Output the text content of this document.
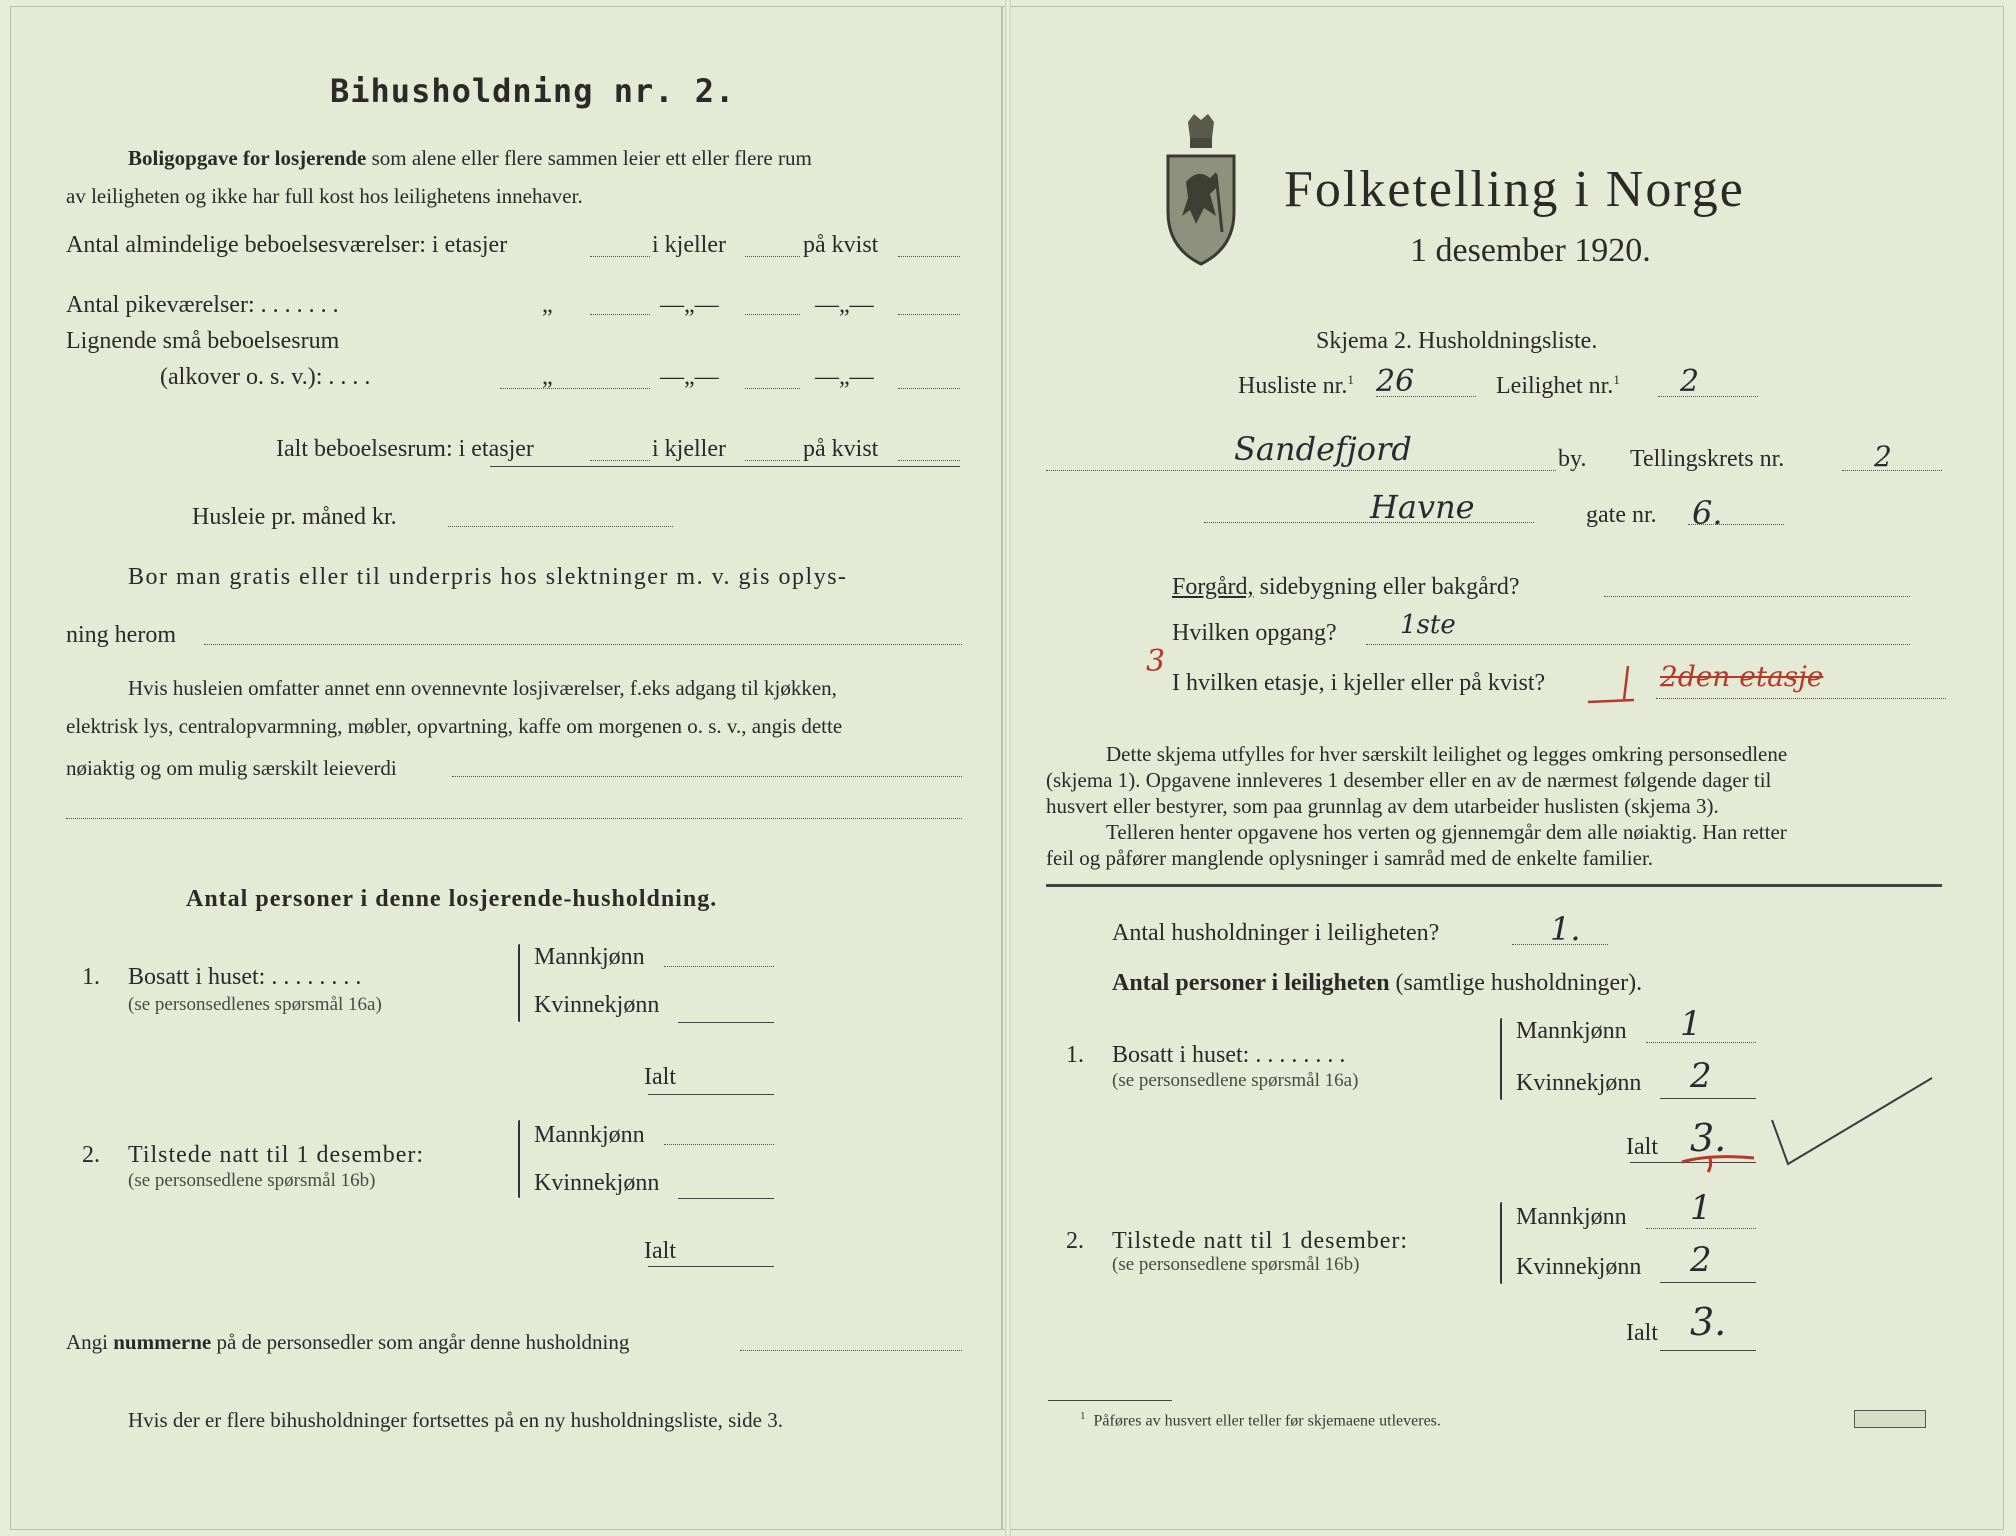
Bihusholdning nr. 2.
Boligopgave for losjerende som alene eller flere sammen leier ett eller flere rum
av leiligheten og ikke har full kost hos leilighetens innehaver.
Antal almindelige beboelsesværelser: i etasjer	i kjeller	på kvist
Antal pikeværelser: . . . . . . .	„	—„—	—„—
Lignende små beboelsesrum
(alkover o. s. v.): . . . .	„	—„—	—„—
Ialt beboelsesrum: i etasjer	i kjeller	på kvist
Husleie pr. måned kr.
Bor man gratis eller til underpris hos slektninger m. v. gis oplys-
ning herom
Hvis husleien omfatter annet enn ovennevnte losjiværelser, f.eks adgang til kjøkken,
elektrisk lys, centralopvarmning, møbler, opvartning, kaffe om morgenen o. s. v., angis dette
nøiaktig og om mulig særskilt leieverdi
Antal personer i denne losjerende-husholdning.
1. Bosatt i huset: . . . . . . . .
(se personsedlenes spørsmål 16a)
Mannkjønn
Kvinnekjønn
Ialt
2. Tilstede natt til 1 desember:
(se personsedlene spørsmål 16b)
Mannkjønn
Kvinnekjønn
Ialt
Angi nummerne på de personsedler som angår denne husholdning
Hvis der er flere bihusholdninger fortsettes på en ny husholdningsliste, side 3.
Folketelling i Norge
1 desember 1920.
Skjema 2. Husholdningsliste.
Husliste nr.$^1$ 26	Leilighet nr.$^1$ 2
Sandefjord	by. Tellingskrets nr.	2
Havne	gate nr. 6.
Forgård, sidebygning eller bakgård?
Hvilken opgang? 1ste
3
I hvilken etasje, i kjeller eller på kvist?	2den etasje
Dette skjema utfylles for hver særskilt leilighet og legges omkring personsedlene
(skjema 1). Opgavene innleveres 1 desember eller en av de nærmest følgende dager til
husvert eller bestyrer, som paa grunnlag av dem utarbeider huslisten (skjema 3).
Telleren henter opgavene hos verten og gjennemgår dem alle nøiaktig. Han retter
feil og påfører manglende oplysninger i samråd med de enkelte familier.
Antal husholdninger i leiligheten?	1.
Antal personer i leiligheten (samtlige husholdninger).
1. Bosatt i huset: . . . . . . . .
(se personsedlene spørsmål 16a)
Mannkjønn 1
Kvinnekjønn 2
Ialt 3.
2. Tilstede natt til 1 desember:
(se personsedlene spørsmål 16b)
Mannkjønn 1
Kvinnekjønn 2
Ialt 3.
$^1$ Påføres av husvert eller teller før skjemaene utleveres.
